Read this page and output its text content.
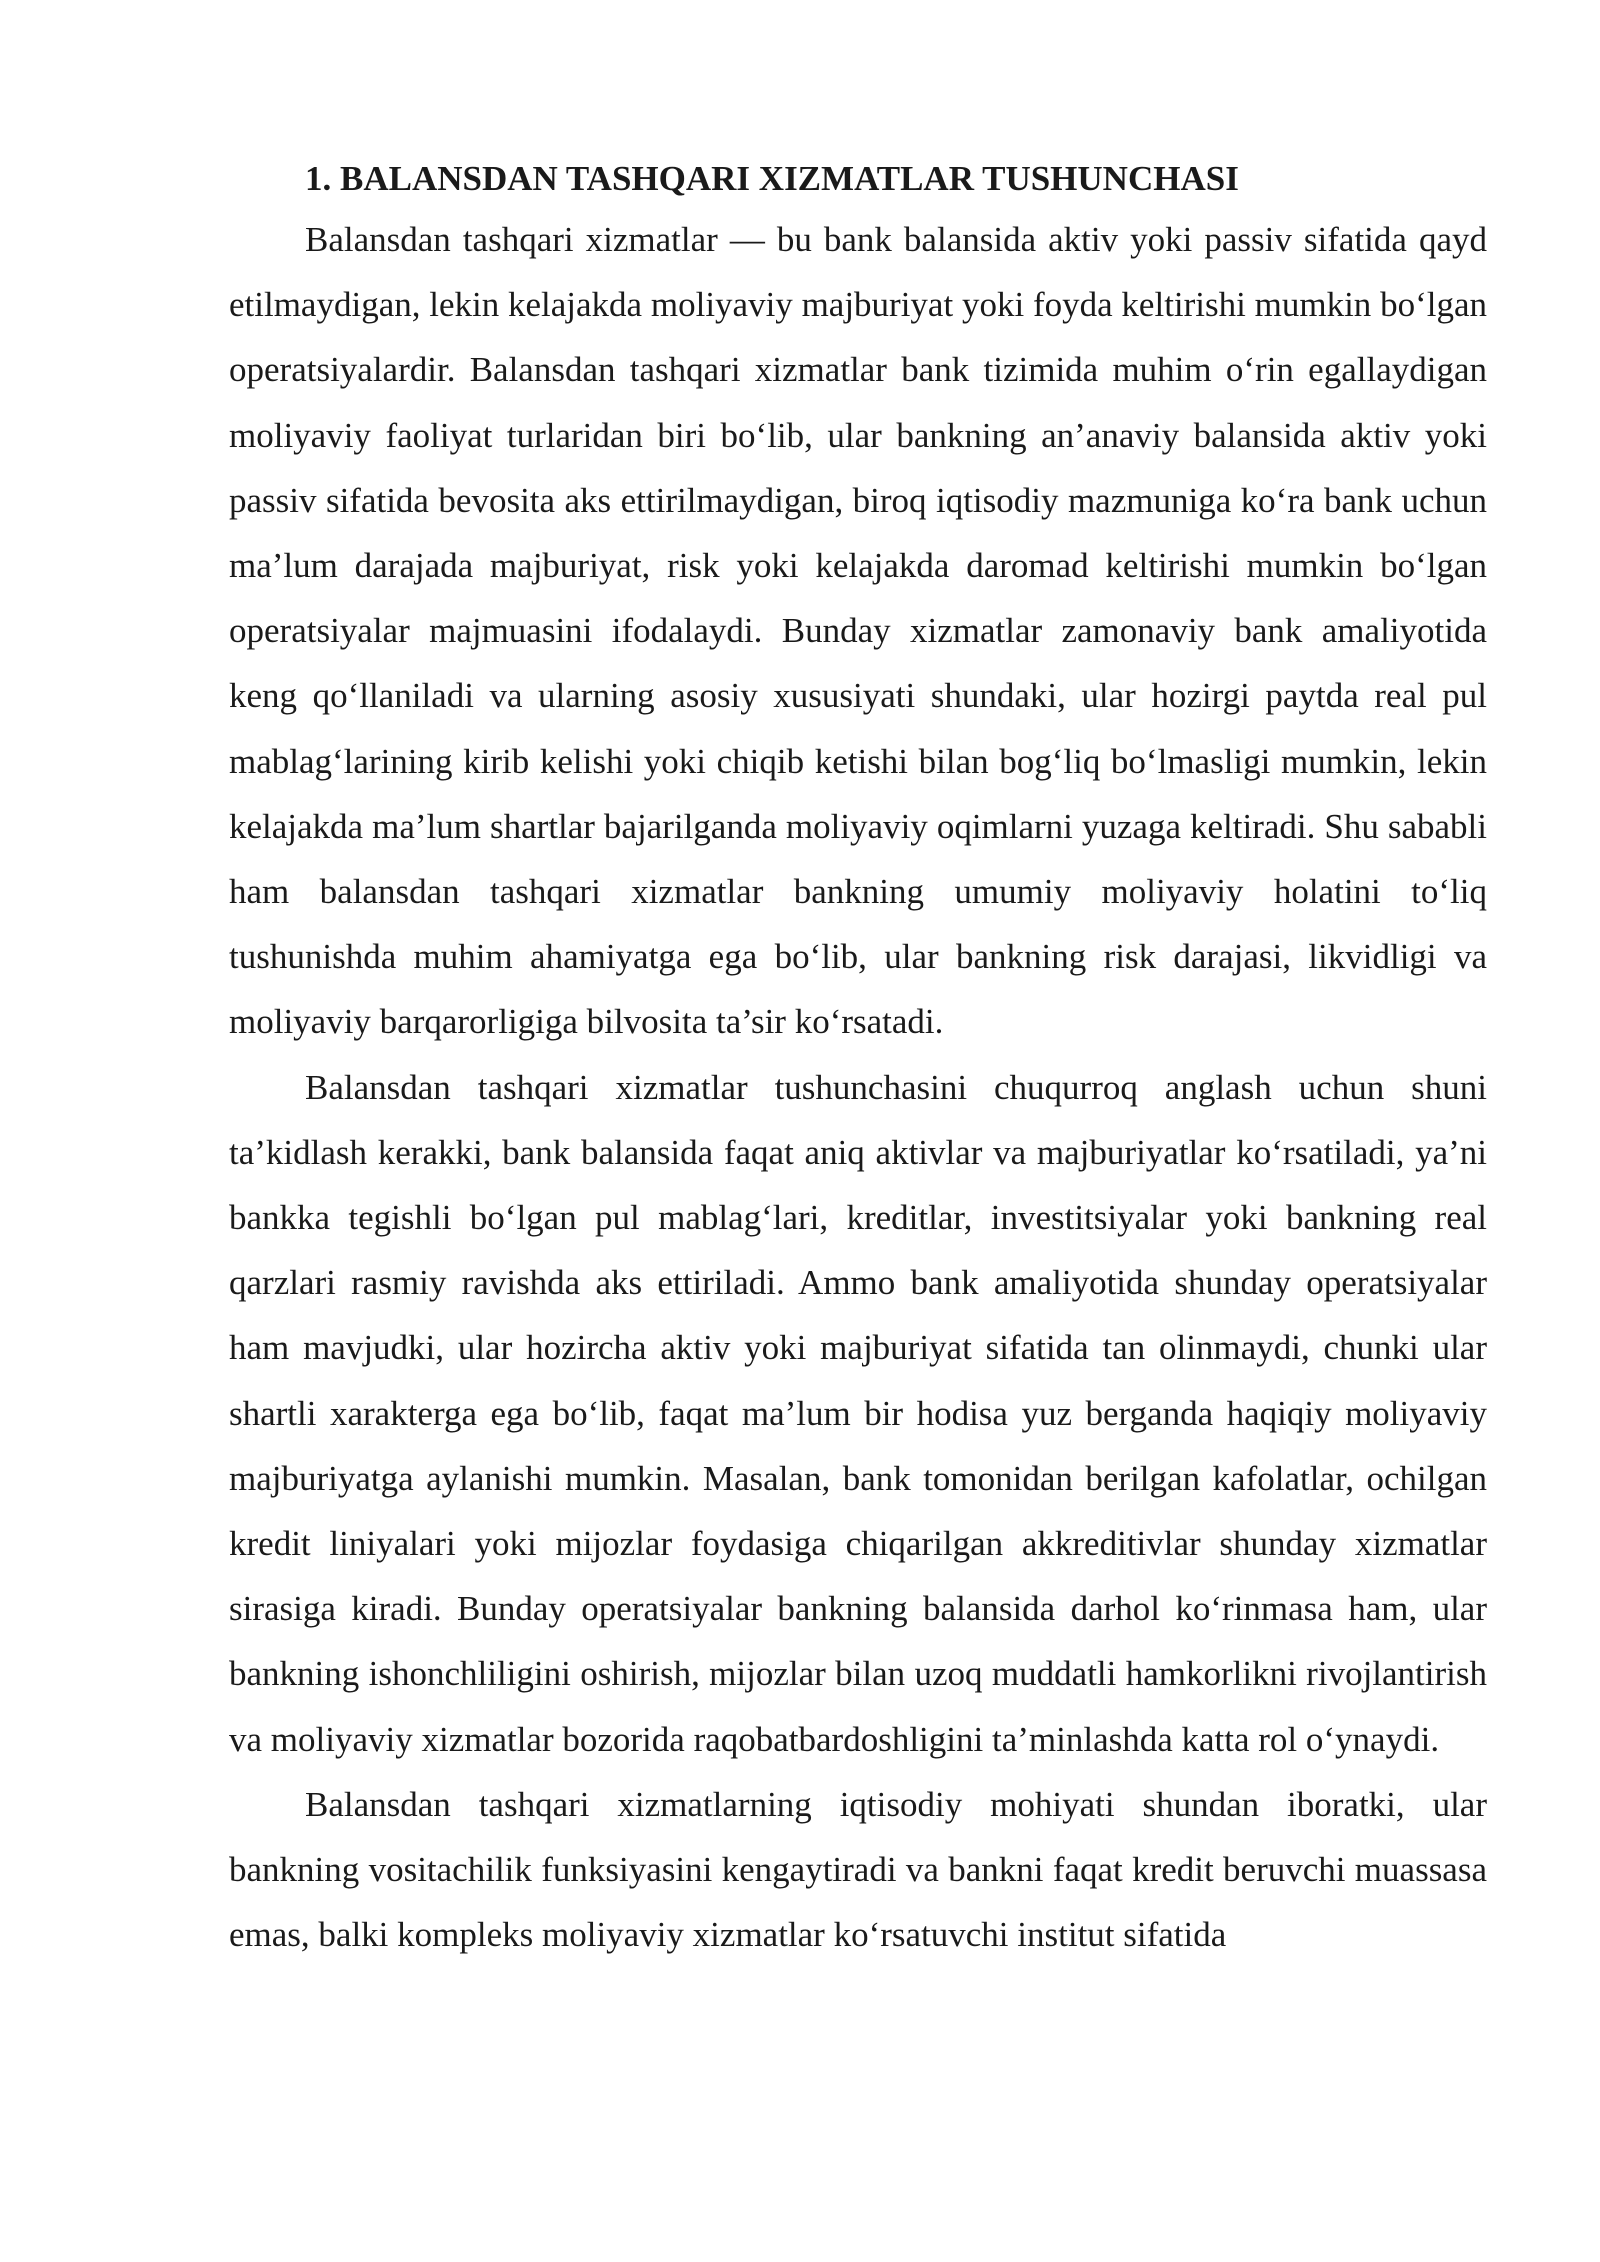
1. BALANSDAN TASHQARI XIZMATLAR TUSHUNCHASI

Balansdan tashqari xizmatlar — bu bank balansida aktiv yoki passiv sifatida qayd etilmaydigan, lekin kelajakda moliyaviy majburiyat yoki foyda keltirishi mumkin boʻlgan operatsiyalardir. Balansdan tashqari xizmatlar bank tizimida muhim oʻrin egallaydigan moliyaviy faoliyat turlaridan biri boʻlib, ular bankning an’anaviy balansida aktiv yoki passiv sifatida bevosita aks ettirilmaydigan, biroq iqtisodiy mazmuniga koʻra bank uchun ma’lum darajada majburiyat, risk yoki kelajakda daromad keltirishi mumkin boʻlgan operatsiyalar majmuasini ifodalaydi. Bunday xizmatlar zamonaviy bank amaliyotida keng qoʻllaniladi va ularning asosiy xususiyati shundaki, ular hozirgi paytda real pul mablagʻlarining kirib kelishi yoki chiqib ketishi bilan bogʻliq boʻlmasligi mumkin, lekin kelajakda ma’lum shartlar bajarilganda moliyaviy oqimlarni yuzaga keltiradi. Shu sababli ham balansdan tashqari xizmatlar bankning umumiy moliyaviy holatini toʻliq tushunishda muhim ahamiyatga ega boʻlib, ular bankning risk darajasi, likvidligi va moliyaviy barqarorligiga bilvosita ta’sir koʻrsatadi.

Balansdan tashqari xizmatlar tushunchasini chuqurroq anglash uchun shuni ta’kidlash kerakki, bank balansida faqat aniq aktivlar va majburiyatlar koʻrsatiladi, ya’ni bankka tegishli boʻlgan pul mablagʻlari, kreditlar, investitsiyalar yoki bankning real qarzlari rasmiy ravishda aks ettiriladi. Ammo bank amaliyotida shunday operatsiyalar ham mavjudki, ular hozircha aktiv yoki majburiyat sifatida tan olinmaydi, chunki ular shartli xarakterga ega boʻlib, faqat ma’lum bir hodisa yuz berganda haqiqiy moliyaviy majburiyatga aylanishi mumkin. Masalan, bank tomonidan berilgan kafolatlar, ochilgan kredit liniyalari yoki mijozlar foydasiga chiqarilgan akkreditivlar shunday xizmatlar sirasiga kiradi. Bunday operatsiyalar bankning balansida darhol koʻrinmasa ham, ular bankning ishonchliligini oshirish, mijozlar bilan uzoq muddatli hamkorlikni rivojlantirish va moliyaviy xizmatlar bozorida raqobatbardoshligini ta’minlashda katta rol oʻynaydi.

Balansdan tashqari xizmatlarning iqtisodiy mohiyati shundan iboratki, ular bankning vositachilik funksiyasini kengaytiradi va bankni faqat kredit beruvchi muassasa emas, balki kompleks moliyaviy xizmatlar koʻrsatuvchi institut sifatida
